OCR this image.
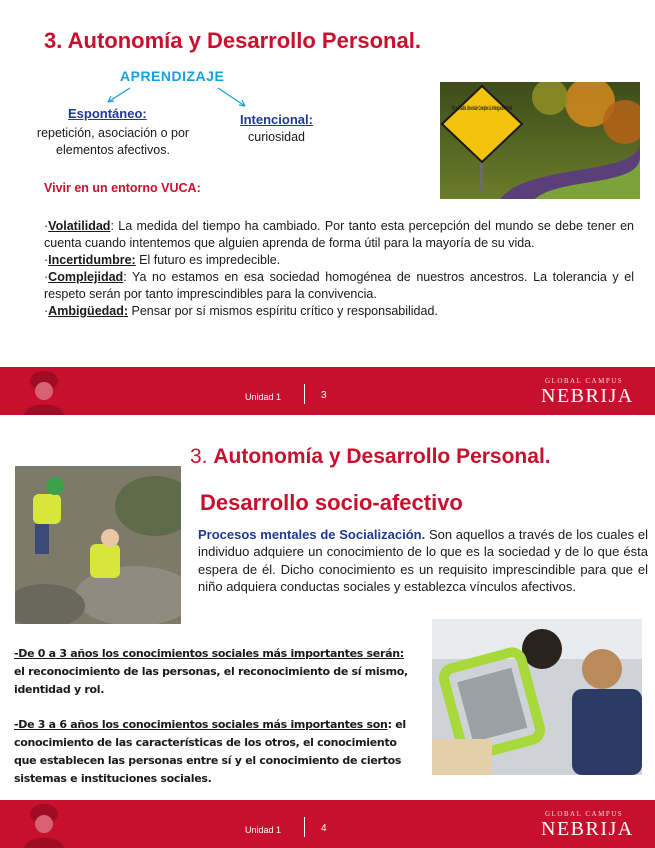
3. Autonomía y Desarrollo Personal.
APRENDIZAJE
Espontáneo:
repetición, asociación o por elementos afectivos.
Intencional:
curiosidad
It's a Volatile Uncertain Complex & Ambiguous World
Vivir en un entorno VUCA:

·Volatilidad: La medida del tiempo ha cambiado. Por tanto esta percepción del mundo se debe tener en cuenta cuando intentemos que alguien aprenda de forma útil para la mayoría de su vida.

·Incertidumbre: El futuro es impredecible.

·Complejidad: Ya no estamos en esa sociedad homogénea de nuestros ancestros. La tolerancia y el respeto serán por tanto imprescindibles para la convivencia.

·Ambigüedad: Pensar por sí mismos espíritu crítico y responsabilidad.

Unidad 1	3
GLOBAL CAMPUS
NEBRIJA
3. Autonomía y Desarrollo Personal.
Desarrollo socio-afectivo
Procesos mentales de Socialización. Son aquellos a través de los cuales el individuo adquiere un conocimiento de lo que es la sociedad y de lo que ésta espera de él. Dicho conocimiento es un requisito imprescindible para que el niño adquiera conductas sociales y establezca vínculos afectivos.
-De 0 a 3 años los conocimientos sociales más importantes serán:
el reconocimiento de las personas, el reconocimiento de sí mismo, identidad y rol.
-De 3 a 6 años los conocimientos sociales más importantes son: el conocimiento de las características de los otros, el conocimiento que establecen las personas entre sí y el conocimiento de ciertos sistemas e instituciones sociales.
Unidad 1	4
GLOBAL CAMPUS
NEBRIJA
